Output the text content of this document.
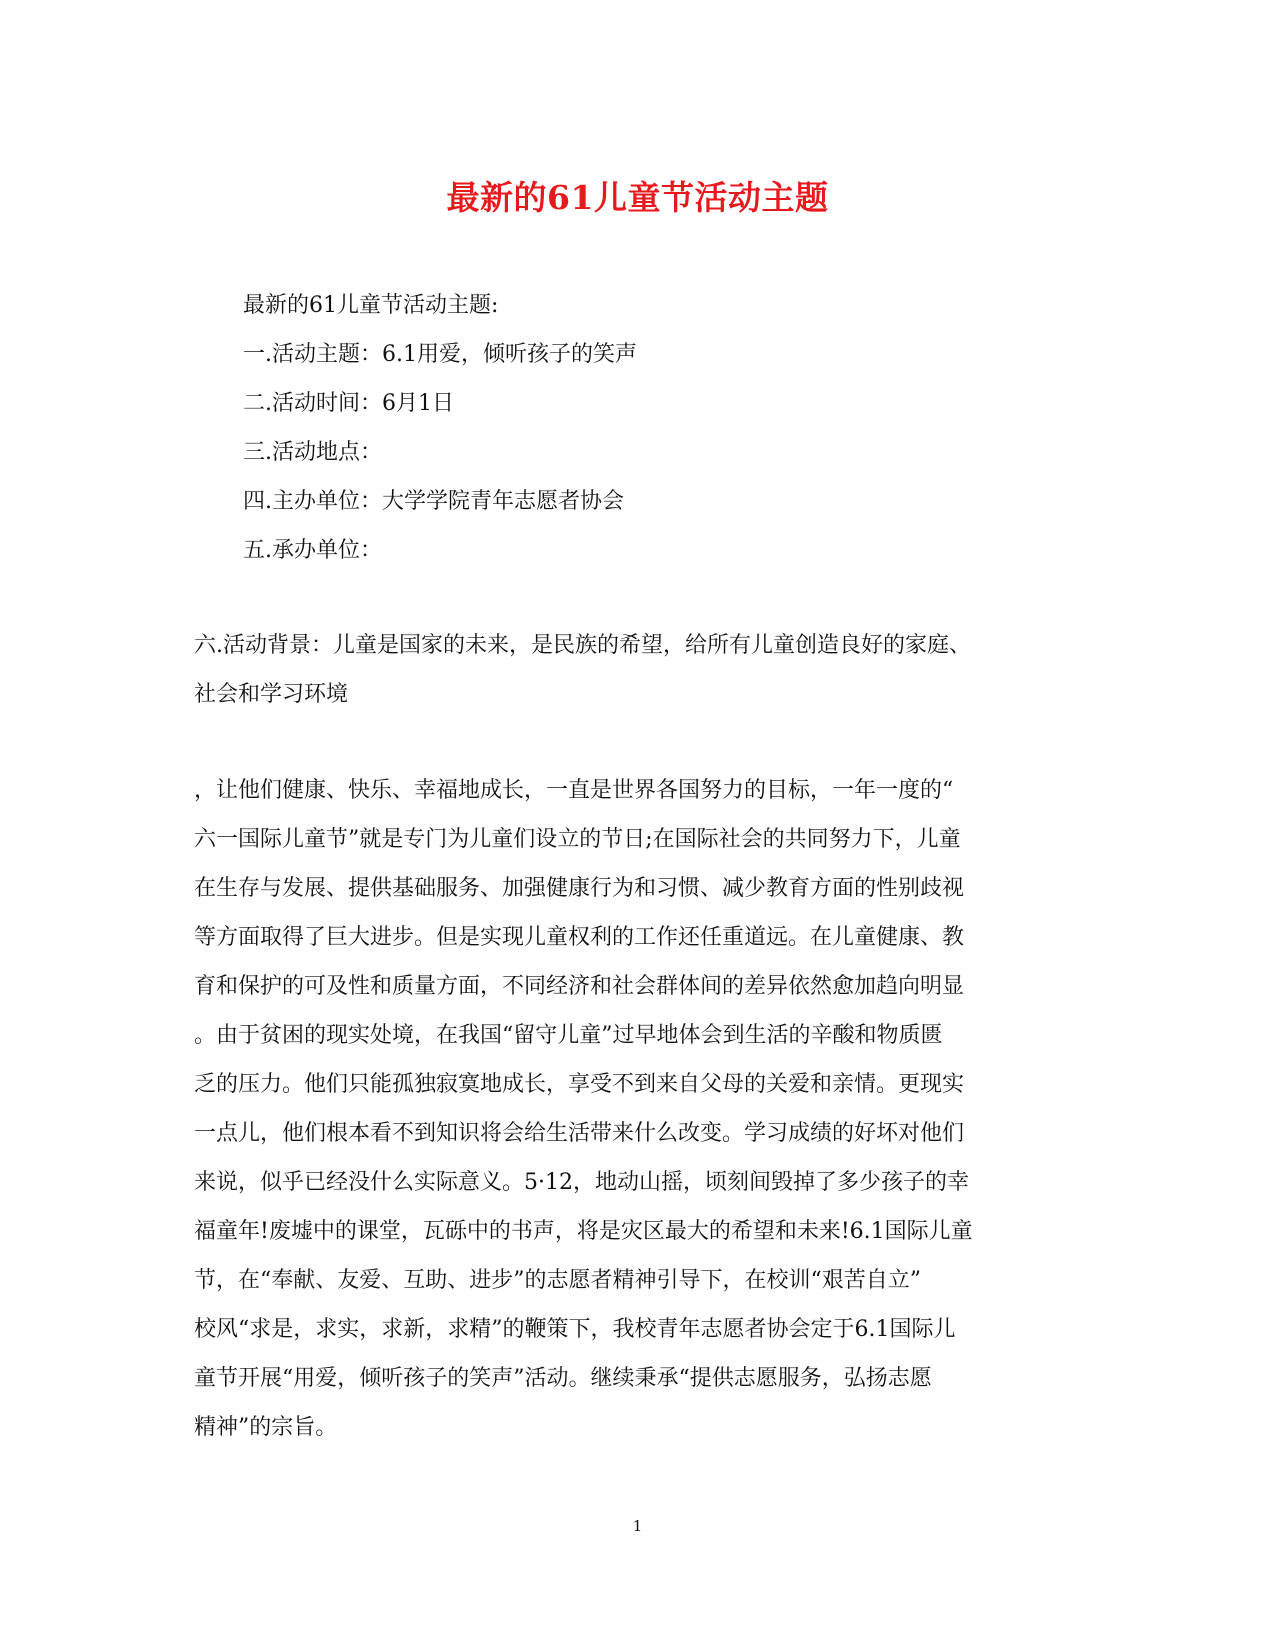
最新的61儿童节活动主题
最新的61儿童节活动主题:
一.活动主题：6.1用爱，倾听孩子的笑声
二.活动时间：6月1日
三.活动地点：
四.主办单位：大学学院青年志愿者协会
五.承办单位：
六.活动背景：儿童是国家的未来，是民族的希望，给所有儿童创造良好的家庭、
社会和学习环境
，让他们健康、快乐、幸福地成长，一直是世界各国努力的目标，一年一度的“
六一国际儿童节”就是专门为儿童们设立的节日;在国际社会的共同努力下，儿童
在生存与发展、提供基础服务、加强健康行为和习惯、减少教育方面的性别歧视
等方面取得了巨大进步。但是实现儿童权利的工作还任重道远。在儿童健康、教
育和保护的可及性和质量方面，不同经济和社会群体间的差异依然愈加趋向明显
。由于贫困的现实处境，在我国“留守儿童”过早地体会到生活的辛酸和物质匮
乏的压力。他们只能孤独寂寞地成长，享受不到来自父母的关爱和亲情。更现实
一点儿，他们根本看不到知识将会给生活带来什么改变。学习成绩的好坏对他们
来说，似乎已经没什么实际意义。5·12，地动山摇，顷刻间毁掉了多少孩子的幸
福童年!废墟中的课堂，瓦砾中的书声，将是灾区最大的希望和未来!6.1国际儿童
节，在“奉献、友爱、互助、进步”的志愿者精神引导下，在校训“艰苦自立”
校风“求是，求实，求新，求精”的鞭策下，我校青年志愿者协会定于6.1国际儿
童节开展“用爱，倾听孩子的笑声”活动。继续秉承“提供志愿服务，弘扬志愿
精神”的宗旨。
1
